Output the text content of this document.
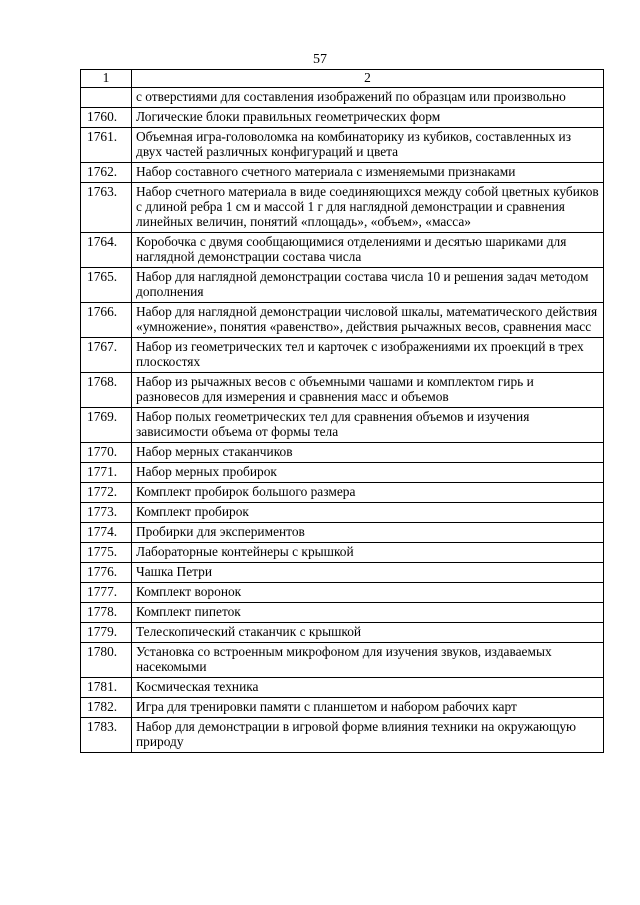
57
1	2
	с отверстиями для составления изображений по образцам или произвольно
1760.	Логические блоки правильных геометрических форм
1761.	Объемная игра-головоломка на комбинаторику из кубиков, составленных из двух частей различных конфигураций и цвета
1762.	Набор составного счетного материала с изменяемыми признаками
1763.	Набор счетного материала в виде соединяющихся между собой цветных кубиков с длиной ребра 1 см и массой 1 г для наглядной демонстрации и сравнения линейных величин, понятий «площадь», «объем», «масса»
1764.	Коробочка с двумя сообщающимися отделениями и десятью шариками для наглядной демонстрации состава числа
1765.	Набор для наглядной демонстрации состава числа 10 и решения задач методом дополнения
1766.	Набор для наглядной демонстрации числовой шкалы, математического действия «умножение», понятия «равенство», действия рычажных весов, сравнения масс
1767.	Набор из геометрических тел и карточек с изображениями их проекций в трех плоскостях
1768.	Набор из рычажных весов с объемными чашами и комплектом гирь и разновесов для измерения и сравнения масс и объемов
1769.	Набор полых геометрических тел для сравнения объемов и изучения зависимости объема от формы тела
1770.	Набор мерных стаканчиков
1771.	Набор мерных пробирок
1772.	Комплект пробирок большого размера
1773.	Комплект пробирок
1774.	Пробирки для экспериментов
1775.	Лабораторные контейнеры с крышкой
1776.	Чашка Петри
1777.	Комплект воронок
1778.	Комплект пипеток
1779.	Телескопический стаканчик с крышкой
1780.	Установка со встроенным микрофоном для изучения звуков, издаваемых насекомыми
1781.	Космическая техника
1782.	Игра для тренировки памяти с планшетом и набором рабочих карт
1783.	Набор для демонстрации в игровой форме влияния техники на окружающую природу
